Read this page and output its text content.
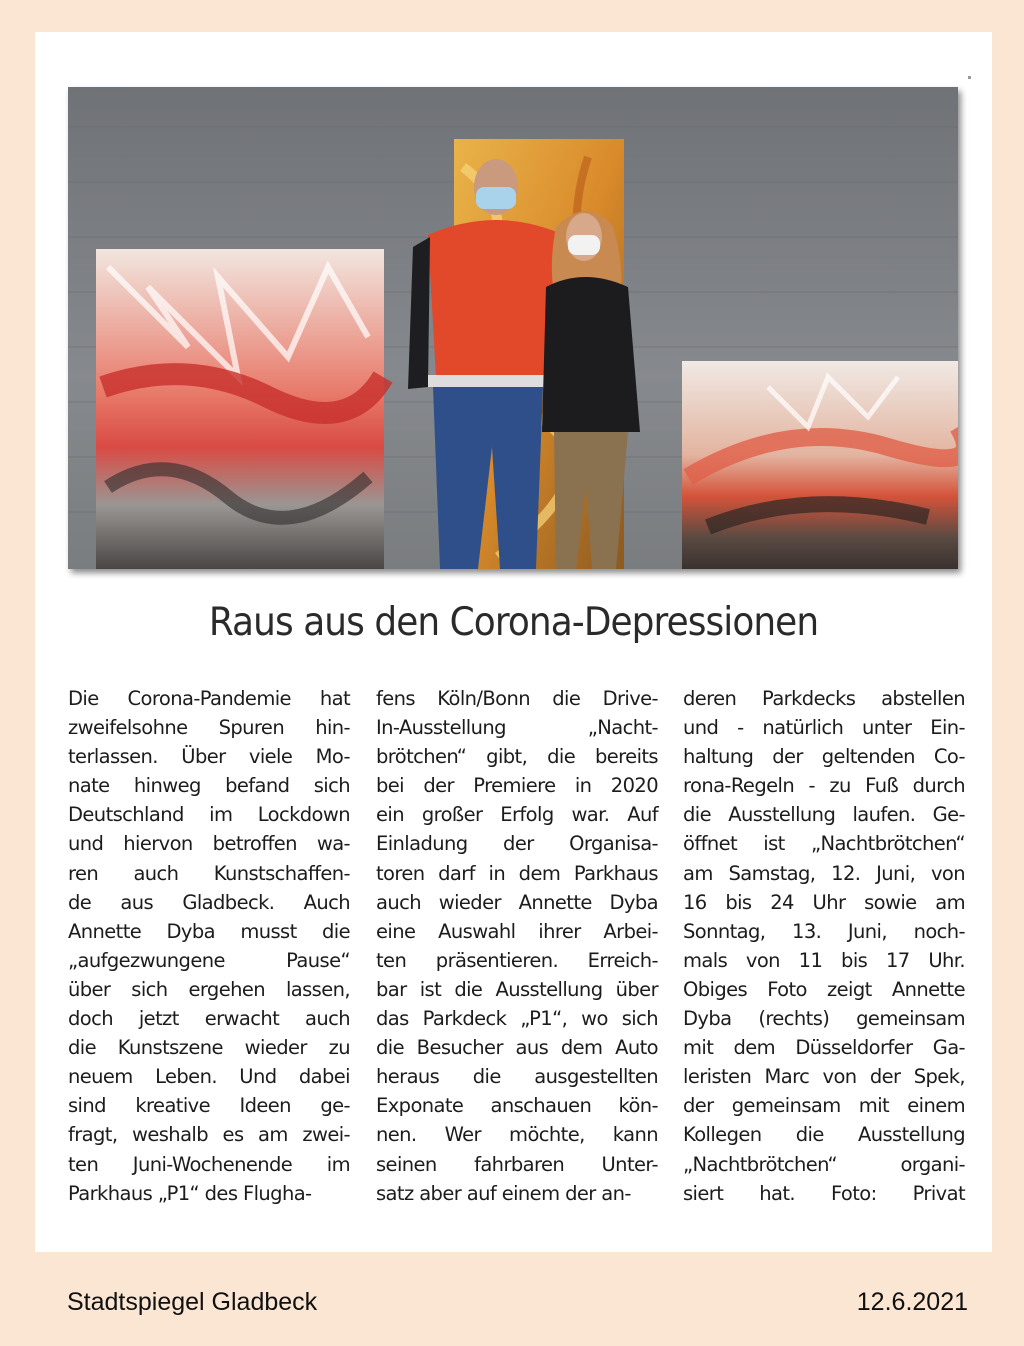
Raus aus den Corona-Depressionen
Die Corona-Pandemie hat
zweifelsohne Spuren hin-
terlassen. Über viele Mo-
nate hinweg befand sich
Deutschland im Lockdown
und hiervon betroffen wa-
ren auch Kunstschaffen-
de aus Gladbeck. Auch
Annette Dyba musst die
„aufgezwungene Pause“
über sich ergehen lassen,
doch jetzt erwacht auch
die Kunstszene wieder zu
neuem Leben. Und dabei
sind kreative Ideen ge-
fragt, weshalb es am zwei-
ten Juni-Wochenende im
Parkhaus „P1“ des Flugha-
fens Köln/Bonn die Drive-
In-Ausstellung „Nacht-
brötchen“ gibt, die bereits
bei der Premiere in 2020
ein großer Erfolg war. Auf
Einladung der Organisa-
toren darf in dem Parkhaus
auch wieder Annette Dyba
eine Auswahl ihrer Arbei-
ten präsentieren. Erreich-
bar ist die Ausstellung über
das Parkdeck „P1“, wo sich
die Besucher aus dem Auto
heraus die ausgestellten
Exponate anschauen kön-
nen. Wer möchte, kann
seinen fahrbaren Unter-
satz aber auf einem der an-
deren Parkdecks abstellen
und - natürlich unter Ein-
haltung der geltenden Co-
rona-Regeln - zu Fuß durch
die Ausstellung laufen. Ge-
öffnet ist „Nachtbrötchen“
am Samstag, 12. Juni, von
16 bis 24 Uhr sowie am
Sonntag, 13. Juni, noch-
mals von 11 bis 17 Uhr.
Obiges Foto zeigt Annette
Dyba (rechts) gemeinsam
mit dem Düsseldorfer Ga-
leristen Marc von der Spek,
der gemeinsam mit einem
Kollegen die Ausstellung
„Nachtbrötchen“ organi-
siert hat. Foto: Privat
Stadtspiegel Gladbeck	12.6.2021
